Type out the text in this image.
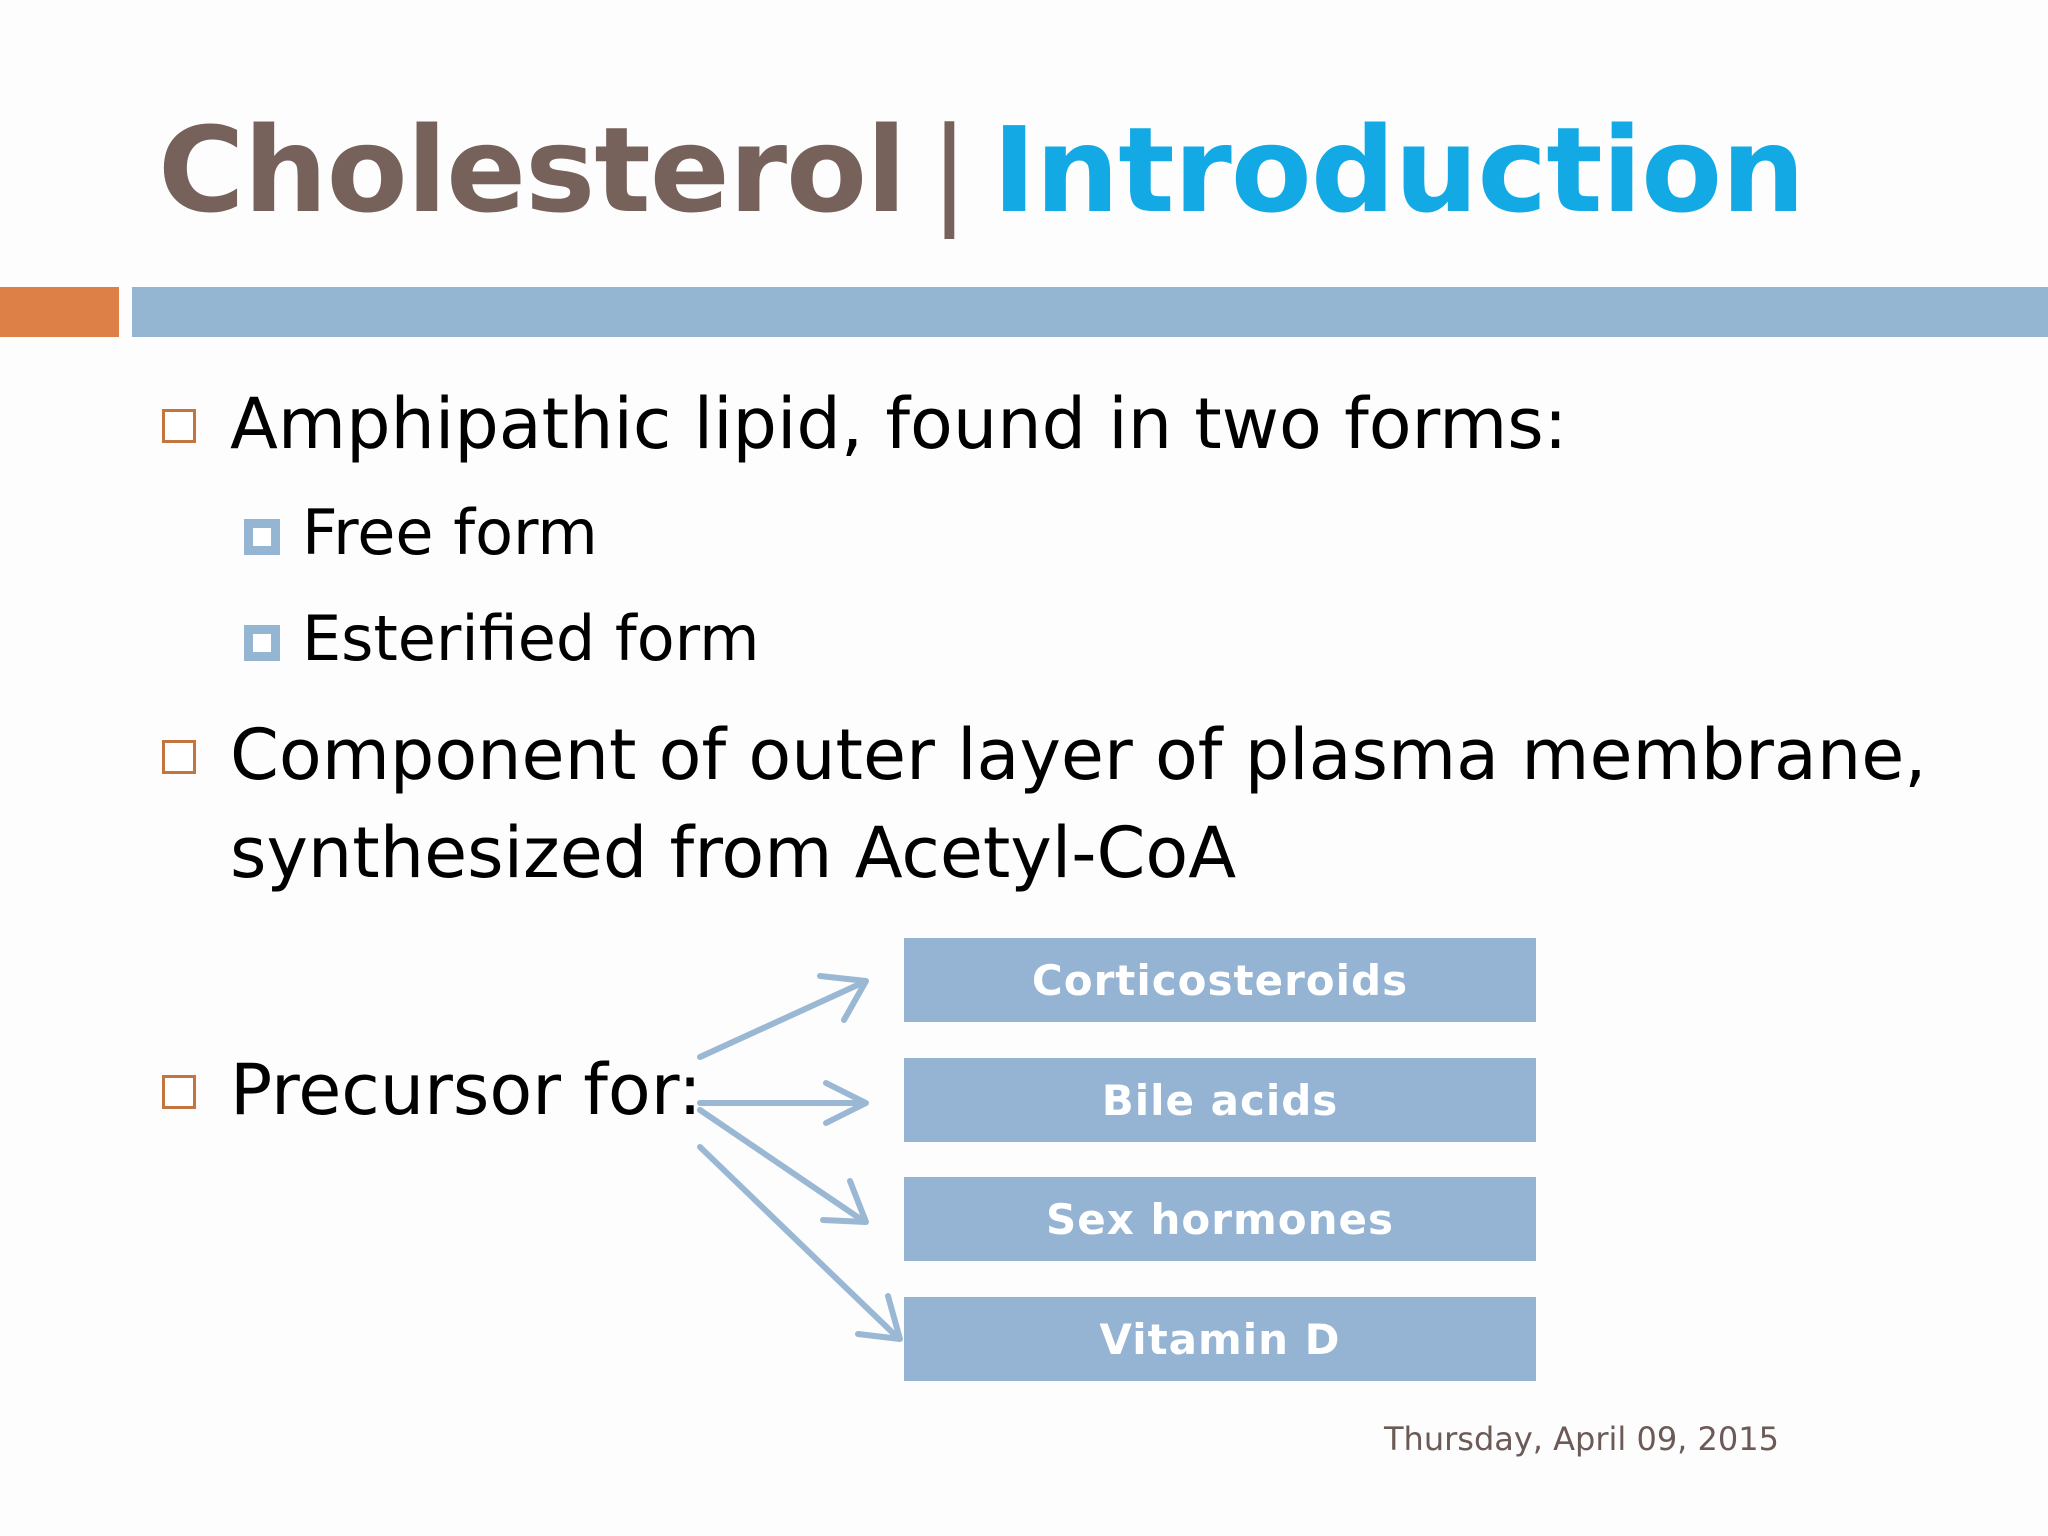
Cholesterol | Introduction
Amphipathic lipid, found in two forms:
Free form
Esterified form
Component of outer layer of plasma membrane,
synthesized from Acetyl-CoA
Precursor for:
Corticosteroids
Bile acids
Sex hormones
Vitamin D
Thursday, April 09, 2015
